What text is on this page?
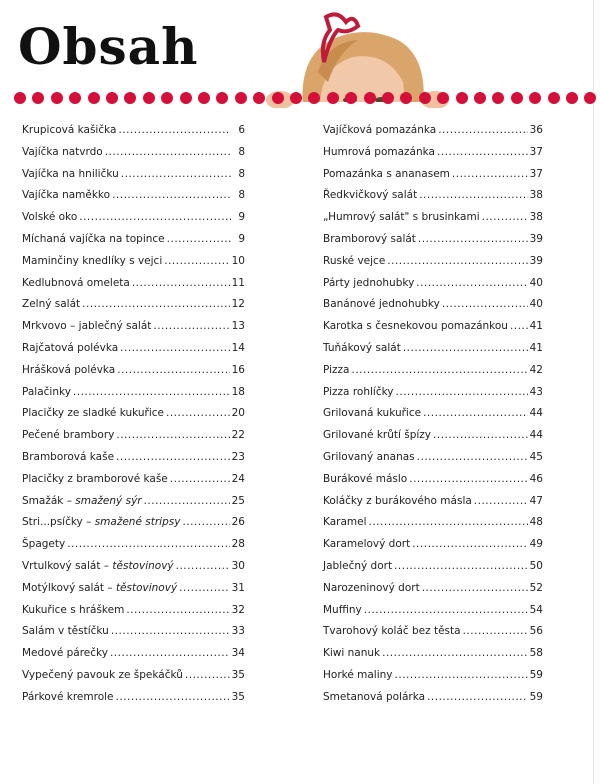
Obsah
Krupicová kašička .....	6
Vajíčka natvrdo .....	8
Vajíčka na hniličku .....	8
Vajíčka naměkko .....	8
Volské oko .....	9
Míchaná vajíčka na topince .....	9
Maminčiny knedlíky s vejci .....	10
Kedlubnová omeleta .....	11
Zelný salát .....	12
Mrkvovo – jablečný salát .....	13
Rajčatová polévka .....	14
Hrášková polévka .....	16
Palačinky .....	18
Placičky ze sladké kukuřice .....	20
Pečené brambory .....	22
Bramborová kaše .....	23
Placičky z bramborové kaše .....	24
Smažák – smažený sýr .....	25
Stri...psíčky – smažené stripsy .....	26
Špagety .....	28
Vrtulkový salát – těstovinový .....	30
Motýlkový salát – těstovinový .....	31
Kukuřice s hráškem .....	32
Salám v těstíčku .....	33
Medové párečky .....	34
Vypečený pavouk ze špekáčků .....	35
Párkové kremrole .....	35
Vajíčková pomazánka .....	36
Humrová pomazánka .....	37
Pomazánka s ananasem .....	37
Ředkvičkový salát .....	38
„Humrový salát" s brusinkami .....	38
Bramborový salát .....	39
Ruské vejce .....	39
Párty jednohubky .....	40
Banánové jednohubky .....	40
Karotka s česnekovou pomazánkou ..... 41
Tuňákový salát .....	41
Pizza .....	42
Pizza rohlíčky .....	43
Grilovaná kukuřice .....	44
Grilované krůtí špízy .....	44
Grilovaný ananas .....	45
Burákové máslo .....	46
Koláčky z burákového másla .....	47
Karamel .....	48
Karamelový dort .....	49
Jablečný dort .....	50
Narozeninový dort .....	52
Muffiny .....	54
Tvarohový koláč bez těsta .....	56
Kiwi nanuk .....	58
Horké maliny .....	59
Smetanová polárka .....	59
